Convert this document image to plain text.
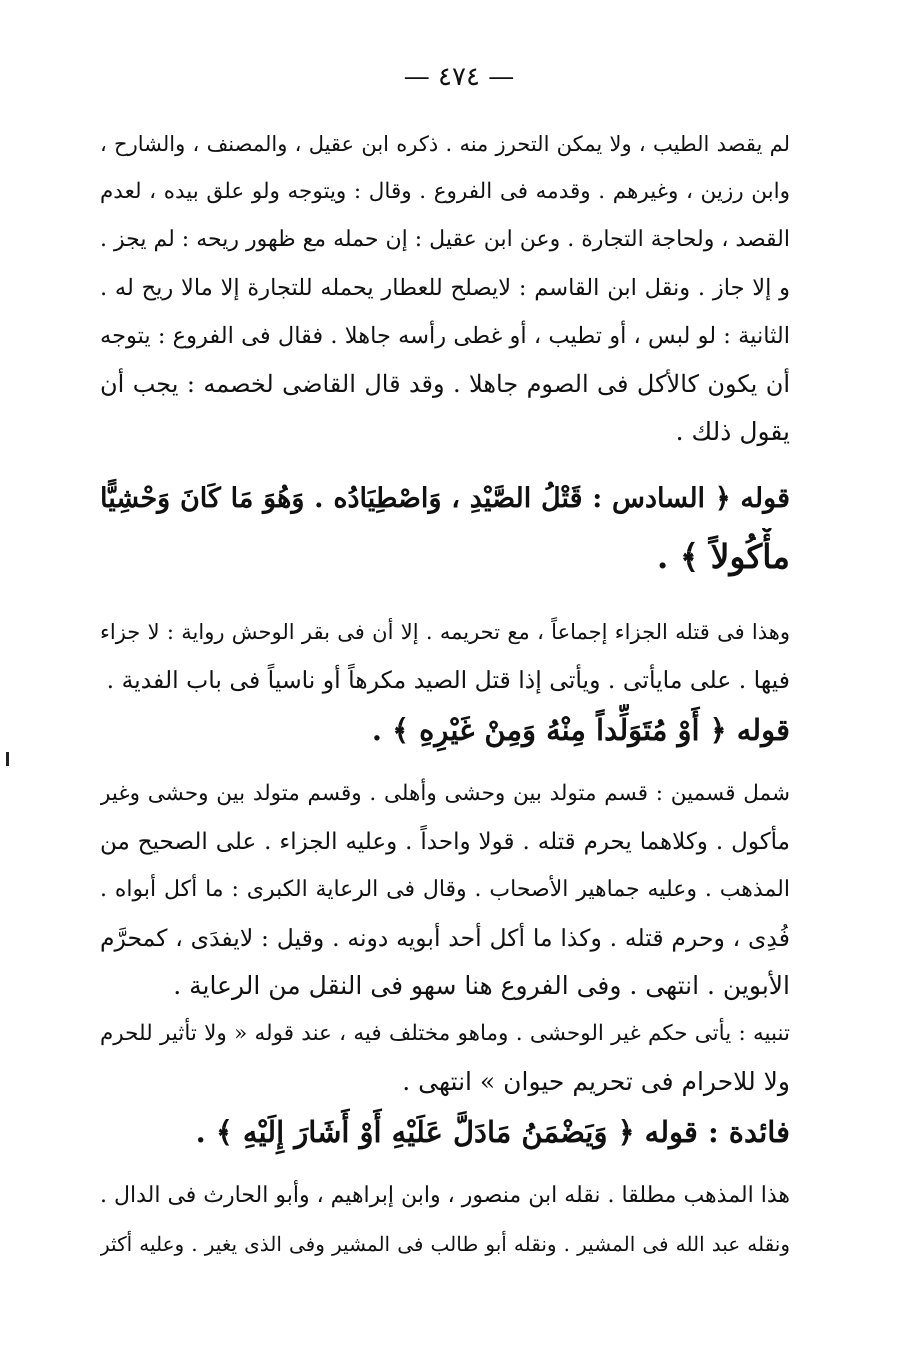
— ٤٧٤ —
لم يقصد الطيب ، ولا يمكن التحرز منه . ذكره ابن عقيل ، والمصنف ، والشارح ،
وابن رزين ، وغيرهم . وقدمه فى الفروع . وقال : ويتوجه ولو علق بيده ، لعدم
القصد ، ولحاجة التجارة . وعن ابن عقيل : إن حمله مع ظهور ريحه : لم يجز .
و إلا جاز . ونقل ابن القاسم : لايصلح للعطار يحمله للتجارة إلا مالا ريح له .
الثانية : لو لبس ، أو تطيب ، أو غطى رأسه جاهلا . فقال فى الفروع : يتوجه
أن يكون كالأكل فى الصوم جاهلا . وقد قال القاضى لخصمه : يجب أن
يقول ذلك .
قوله ﴿ السادس : قَتْلُ الصَّيْدِ ، وَاصْطِيَادُه . وَهُوَ مَا كَانَ وَحْشِيًّا
مأْكُولاً ﴾ .
وهذا فى قتله الجزاء إجماعاً ، مع تحريمه . إلا أن فى بقر الوحش رواية : لا جزاء
فيها . على مايأتى . ويأتى إذا قتل الصيد مكرهاً أو ناسياً فى باب الفدية .
قوله ﴿ أَوْ مُتَوَلِّداً مِنْهُ وَمِنْ غَيْرِهِ ﴾ .
شمل قسمين : قسم متولد بين وحشى وأهلى . وقسم متولد بين وحشى وغير
مأكول . وكلاهما يحرم قتله . قولا واحداً . وعليه الجزاء . على الصحيح من
المذهب . وعليه جماهير الأصحاب . وقال فى الرعاية الكبرى : ما أكل أبواه .
فُدِى ، وحرم قتله . وكذا ما أكل أحد أبويه دونه . وقيل : لايفدَى ، كمحرَّم
الأبوين . انتهى . وفى الفروع هنا سهو فى النقل من الرعاية .
تنبيه : يأتى حكم غير الوحشى . وماهو مختلف فيه ، عند قوله « ولا تأثير للحرم
ولا للاحرام فى تحريم حيوان » انتهى .
فائدة : قوله ﴿ وَيَضْمَنُ مَادَلَّ عَلَيْهِ أَوْ أَشَارَ إِلَيْهِ ﴾ .
هذا المذهب مطلقا . نقله ابن منصور ، وابن إبراهيم ، وأبو الحارث فى الدال .
ونقله عبد الله فى المشير . ونقله أبو طالب فى المشير وفى الذى يغير . وعليه أكثر
